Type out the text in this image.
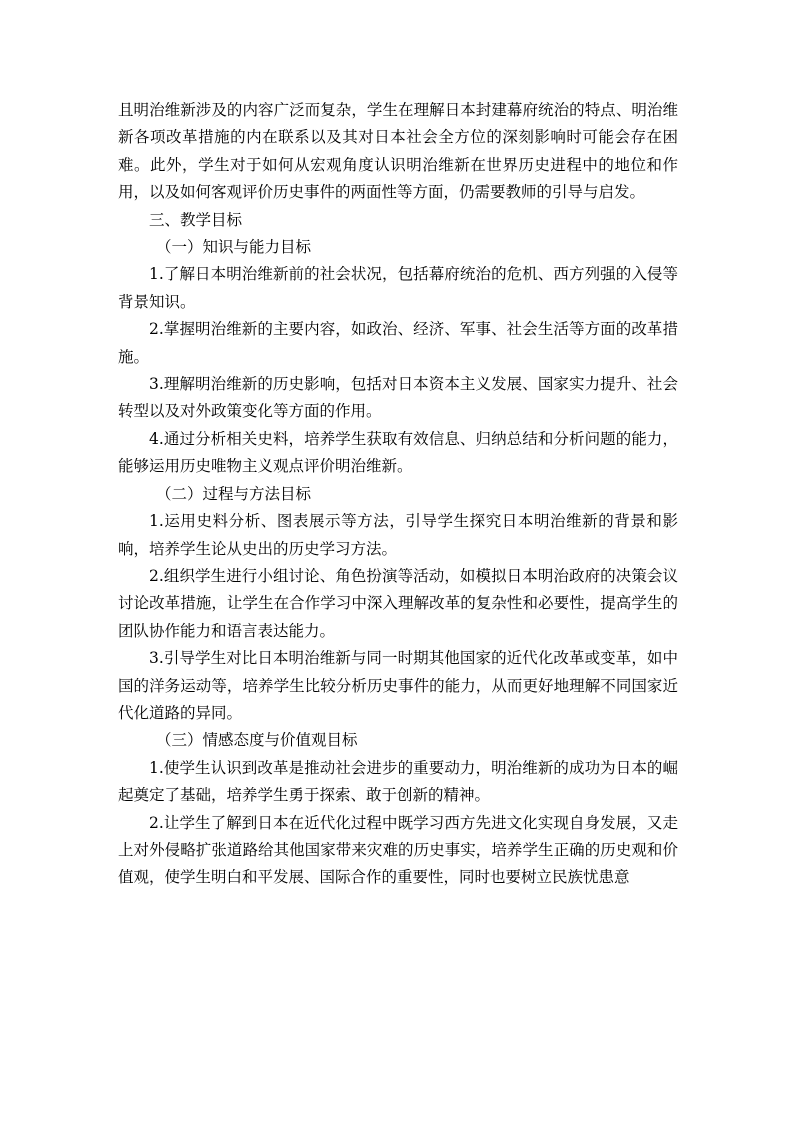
且明治维新涉及的内容广泛而复杂，学生在理解日本封建幕府统治的特点、明治维新各项改革措施的内在联系以及其对日本社会全方位的深刻影响时可能会存在困难。此外，学生对于如何从宏观角度认识明治维新在世界历史进程中的地位和作用，以及如何客观评价历史事件的两面性等方面，仍需要教师的引导与启发。

三、教学目标

（一）知识与能力目标

1.了解日本明治维新前的社会状况，包括幕府统治的危机、西方列强的入侵等背景知识。

2.掌握明治维新的主要内容，如政治、经济、军事、社会生活等方面的改革措施。

3.理解明治维新的历史影响，包括对日本资本主义发展、国家实力提升、社会转型以及对外政策变化等方面的作用。

4.通过分析相关史料，培养学生获取有效信息、归纳总结和分析问题的能力，能够运用历史唯物主义观点评价明治维新。

（二）过程与方法目标

1.运用史料分析、图表展示等方法，引导学生探究日本明治维新的背景和影响，培养学生论从史出的历史学习方法。

2.组织学生进行小组讨论、角色扮演等活动，如模拟日本明治政府的决策会议讨论改革措施，让学生在合作学习中深入理解改革的复杂性和必要性，提高学生的团队协作能力和语言表达能力。

3.引导学生对比日本明治维新与同一时期其他国家的近代化改革或变革，如中国的洋务运动等，培养学生比较分析历史事件的能力，从而更好地理解不同国家近代化道路的异同。

（三）情感态度与价值观目标

1.使学生认识到改革是推动社会进步的重要动力，明治维新的成功为日本的崛起奠定了基础，培养学生勇于探索、敢于创新的精神。

2.让学生了解到日本在近代化过程中既学习西方先进文化实现自身发展，又走上对外侵略扩张道路给其他国家带来灾难的历史事实，培养学生正确的历史观和价值观，使学生明白和平发展、国际合作的重要性，同时也要树立民族忧患意
